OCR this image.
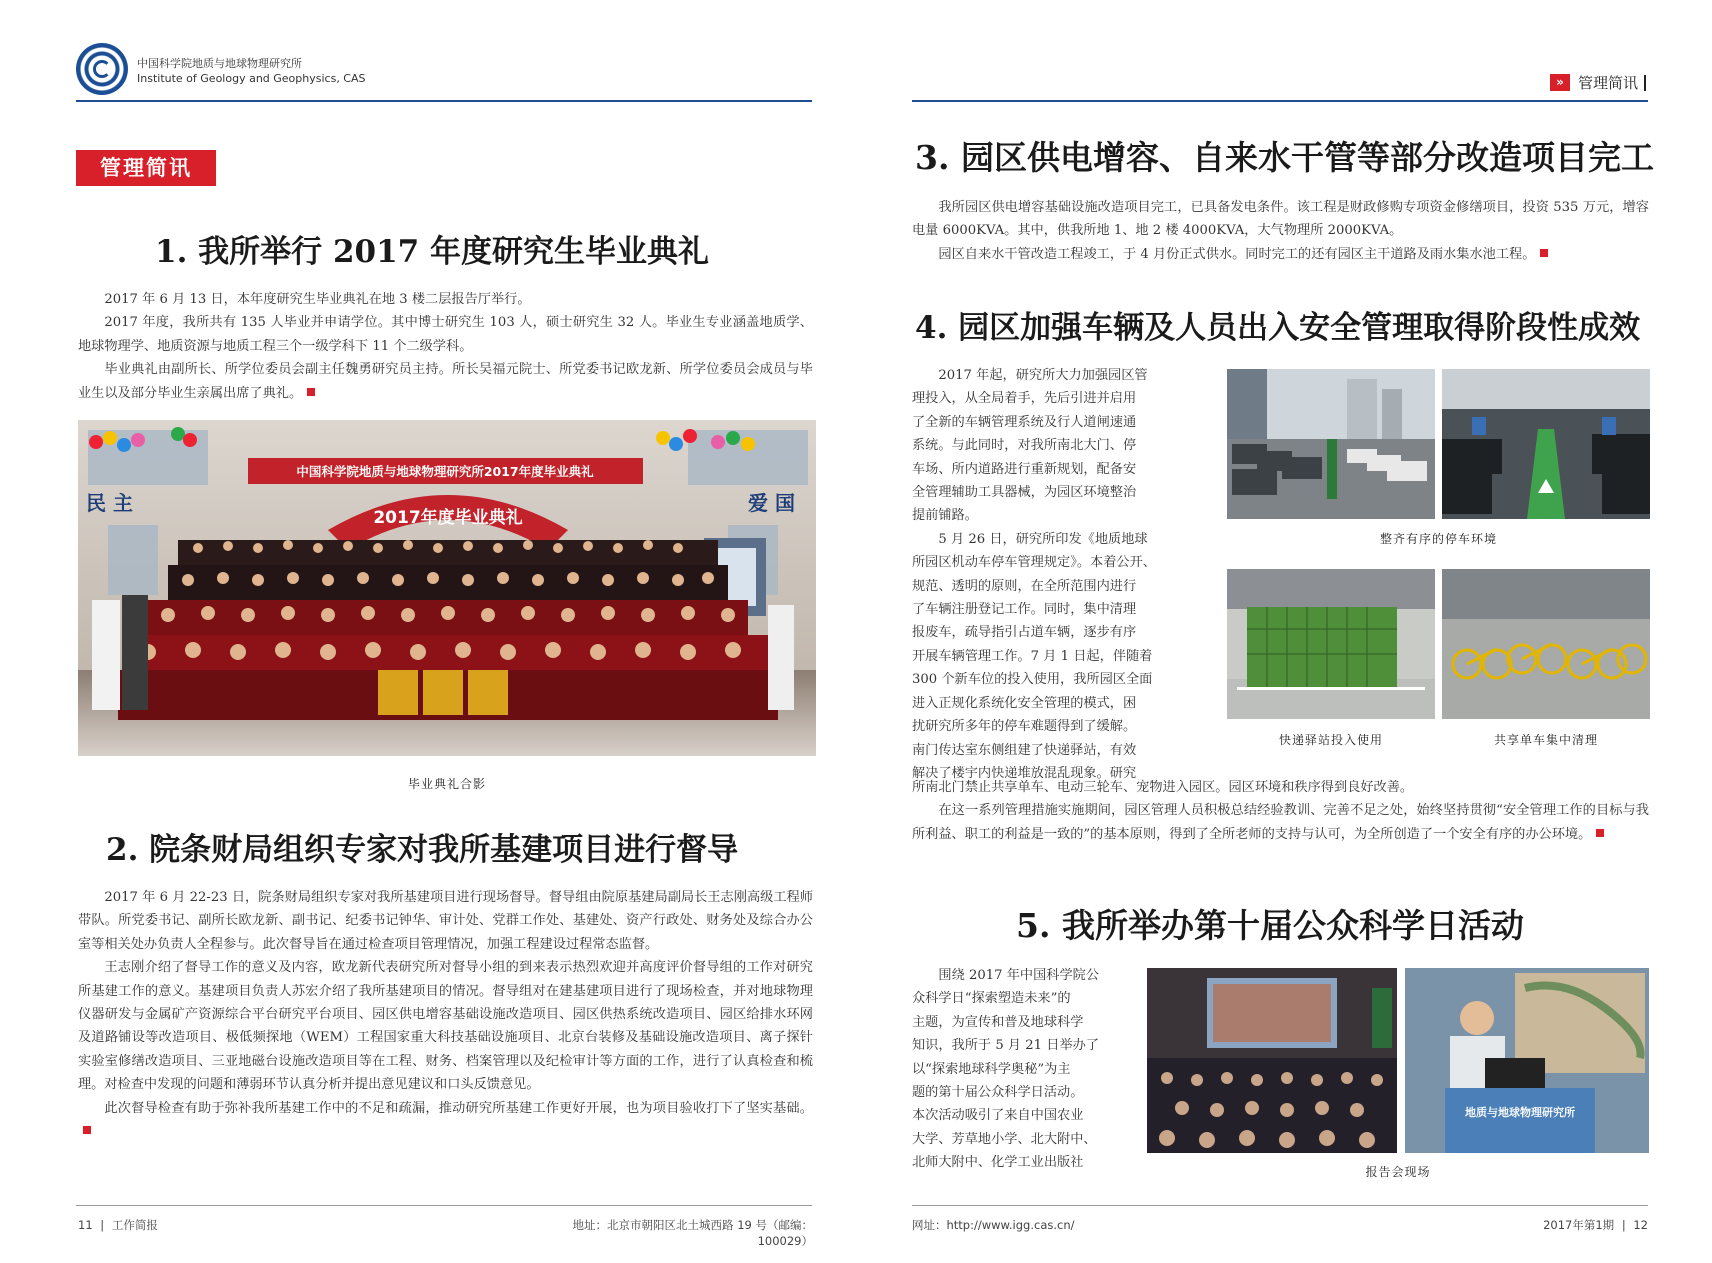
中国科学院地质与地球物理研究所
Institute of Geology and Geophysics, CAS
管理简讯
1. 我所举行 2017 年度研究生毕业典礼

2017 年 6 月 13 日，本年度研究生毕业典礼在地 3 楼二层报告厅举行。

2017 年度，我所共有 135 人毕业并申请学位。其中博士研究生 103 人，硕士研究生 32 人。毕业生专业涵盖地质学、地球物理学、地质资源与地质工程三个一级学科下 11 个二级学科。

毕业典礼由副所长、所学位委员会副主任魏勇研究员主持。所长吴福元院士、所党委书记欧龙新、所学位委员会成员与毕业生以及部分毕业生亲属出席了典礼。

2017年度毕业典礼
中国科学院地质与地球物理研究所2017年度毕业典礼
民 主	爱 国
毕业典礼合影
2. 院条财局组织专家对我所基建项目进行督导

2017 年 6 月 22-23 日，院条财局组织专家对我所基建项目进行现场督导。督导组由院原基建局副局长王志刚高级工程师带队。所党委书记、副所长欧龙新、副书记、纪委书记钟华、审计处、党群工作处、基建处、资产行政处、财务处及综合办公室等相关处办负责人全程参与。此次督导旨在通过检查项目管理情况，加强工程建设过程常态监督。

王志刚介绍了督导工作的意义及内容，欧龙新代表研究所对督导小组的到来表示热烈欢迎并高度评价督导组的工作对研究所基建工作的意义。基建项目负责人苏宏介绍了我所基建项目的情况。督导组对在建基建项目进行了现场检查，并对地球物理仪器研发与金属矿产资源综合平台研究平台项目、园区供电增容基础设施改造项目、园区供热系统改造项目、园区给排水环网及道路铺设等改造项目、极低频探地（WEM）工程国家重大科技基础设施项目、北京台装修及基础设施改造项目、离子探针实验室修缮改造项目、三亚地磁台设施改造项目等在工程、财务、档案管理以及纪检审计等方面的工作，进行了认真检查和梳理。对检查中发现的问题和薄弱环节认真分析并提出意见建议和口头反馈意见。

此次督导检查有助于弥补我所基建工作中的不足和疏漏，推动研究所基建工作更好开展，也为项目验收打下了坚实基础。

11 | 工作简报	地址：北京市朝阳区北土城西路 19 号（邮编：100029）
» 管理简讯
3. 园区供电增容、自来水干管等部分改造项目完工

我所园区供电增容基础设施改造项目完工，已具备发电条件。该工程是财政修购专项资金修缮项目，投资 535 万元，增容电量 6000KVA。其中，供我所地 1、地 2 楼 4000KVA，大气物理所 2000KVA。

园区自来水干管改造工程竣工，于 4 月份正式供水。同时完工的还有园区主干道路及雨水集水池工程。

4. 园区加强车辆及人员出入安全管理取得阶段性成效
2017 年起，研究所大力加强园区管
理投入，从全局着手，先后引进并启用
了全新的车辆管理系统及行人道闸速通
系统。与此同时，对我所南北大门、停
车场、所内道路进行重新规划，配备安
全管理辅助工具器械，为园区环境整治
提前铺路。
5 月 26 日，研究所印发《地质地球
所园区机动车停车管理规定》。本着公开、
规范、透明的原则，在全所范围内进行
了车辆注册登记工作。同时，集中清理
报废车，疏导指引占道车辆，逐步有序
开展车辆管理工作。7 月 1 日起，伴随着
300 个新车位的投入使用，我所园区全面
进入正规化系统化安全管理的模式，困
扰研究所多年的停车难题得到了缓解。
南门传达室东侧组建了快递驿站，有效
解决了楼宇内快递堆放混乱现象。研究
整齐有序的停车环境
快递驿站投入使用	共享单车集中清理
所南北门禁止共享单车、电动三轮车、宠物进入园区。园区环境和秩序得到良好改善。

在这一系列管理措施实施期间，园区管理人员积极总结经验教训、完善不足之处，始终坚持贯彻“安全管理工作的目标与我所利益、职工的利益是一致的”的基本原则，得到了全所老师的支持与认可，为全所创造了一个安全有序的办公环境。

5. 我所举办第十届公众科学日活动
围绕 2017 年中国科学院公
众科学日“探索塑造未来”的
主题，为宣传和普及地球科学
知识，我所于 5 月 21 日举办了
以“探索地球科学奥秘”为主
题的第十届公众科学日活动。
本次活动吸引了来自中国农业
大学、芳草地小学、北大附中、
北师大附中、化学工业出版社
地质与地球物理研究所
报告会现场
网址：http://www.igg.cas.cn/	2017年第1期 | 12
